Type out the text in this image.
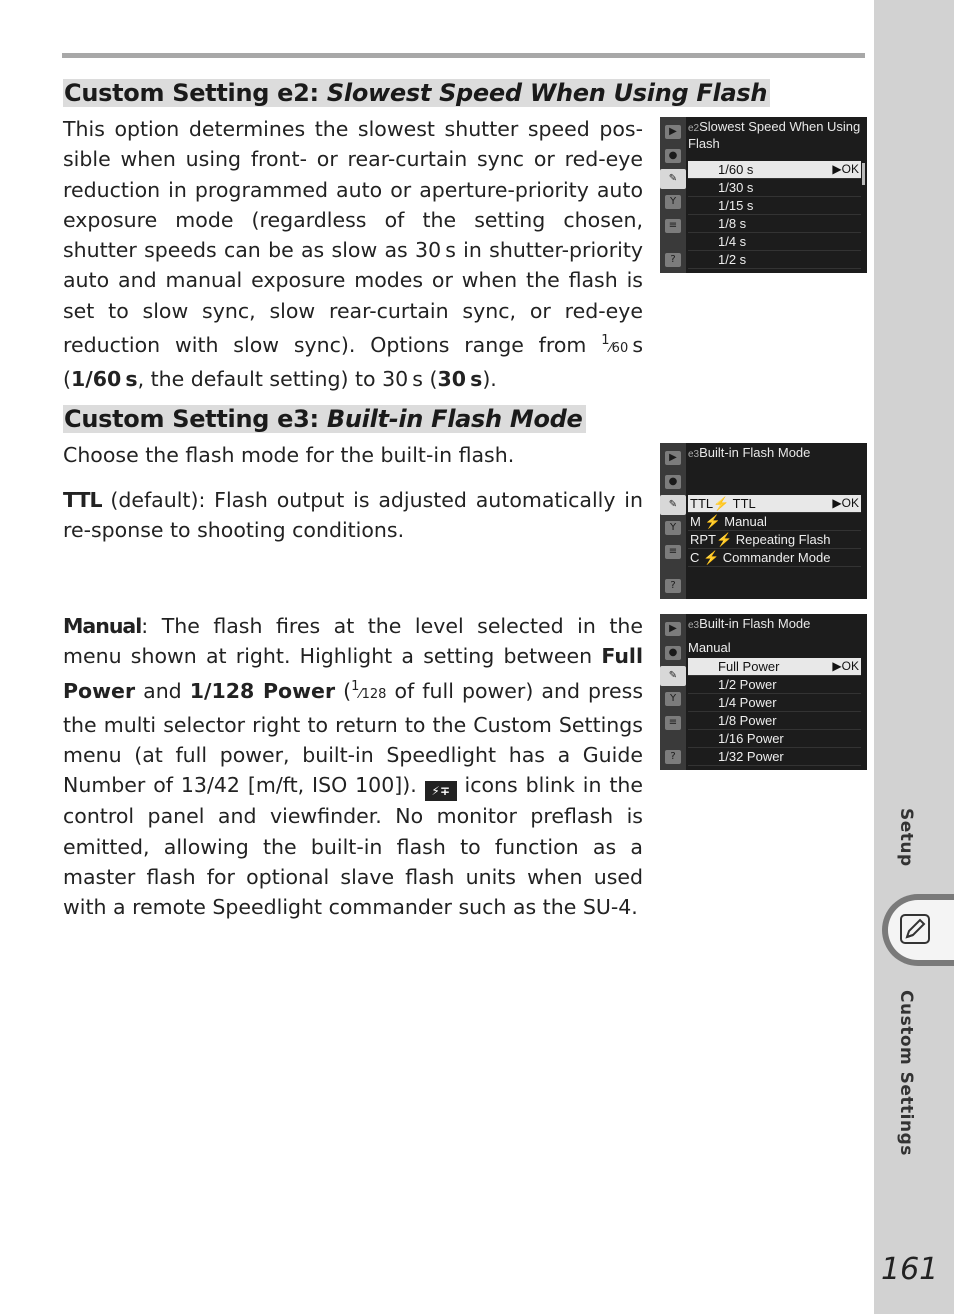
Custom Setting e2: Slowest Speed When Using Flash
This option determines the slowest shutter speed pos-sible when using front- or rear-curtain sync or red-eye reduction in programmed auto or aperture-priority auto exposure mode (regardless of the setting chosen, shutter speeds can be as slow as 30 s in shutter-priority auto and manual exposure modes or when the flash is set to slow sync, slow rear-curtain sync, or red-eye reduction with slow sync). Options range from $^1$⁄60 s (1/60 s, the default setting) to 30 s (30 s).
▶
●
✎
Y
≡
?
e2Slowest Speed When Using Flash
1/60 s	▶OK
1/30 s
1/15 s
1/8 s
1/4 s
1/2 s
Custom Setting e3: Built-in Flash Mode
Choose the flash mode for the built-in flash.
TTL (default): Flash output is adjusted automatically in re-sponse to shooting conditions.
Manual: The flash fires at the level selected in the menu shown at right. Highlight a setting between Full Power and 1/128 Power ($^1$⁄128 of full power) and press the multi selector right to return to the Custom Settings menu (at full power, built-in Speedlight has a Guide Number of 13/42 [m/ft, ISO 100]). ⚡∓ icons blink in the control panel and viewfinder. No monitor preflash is emitted, allowing the built-in flash to function as a master flash for optional slave flash units when used with a remote Speedlight commander such as the SU-4.
▶
●
✎
Y
≡
?
e3Built-in Flash Mode
TTL⚡ TTL	▶OK
M ⚡ Manual
RPT⚡ Repeating Flash
C ⚡ Commander Mode
▶
●
✎
Y
≡
?
e3Built-in Flash Mode
Manual
Full Power	▶OK
1/2 Power
1/4 Power
1/8 Power
1/16 Power
1/32 Power
Setup
Custom Settings
161
